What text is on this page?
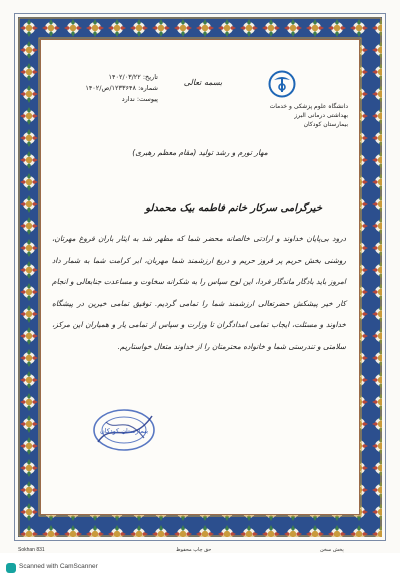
دانشگاه علوم پزشکی و خدمات بهداشتی درمانی البرز
بیمارستان کودکان
بسمه تعالی
تاریخ: ۱۴۰۲/۰۳/۲۲
شماره: ۱۲۳۳۶۴۸/ص/۱۴۰۲
پیوست: ندارد
مهار تورم و رشد تولید (مقام معظم رهبری)
خیرگرامی سرکار خانم فاطمه بیک محمدلو
درود بی‌پایان خداوند و ارادتی خالصانه محضر شما که مطهر شد به ایثار باران فروغ مهرتان، روشنی بخش حریم پر فروز حریم و دریغ ارزشمند شما مهربان، ابر کرامت شما به شمار داد امروز باید بادگار ماندگار فردا، این لوح سپاس را به شکرانه سخاوت و مساعدت جنابعالی و انجام کار خیر پیشکش حضرتعالی ارزشمند شما را تمامی گردیم. توفیق تمامی خیرین در پیشگاه خداوند و مسئلت، ایجاب تمامی امدادگران تا وزارت و سپاس از تمامی یار و همیاران این مرکز، سلامتی و تندرستی شما و خانواده محترمتان را از خداوند متعال خواستاریم.
بیمارستان کودکان
Sokhan 831	حق چاپ محفوظ	پخش سخن
Scanned with CamScanner
